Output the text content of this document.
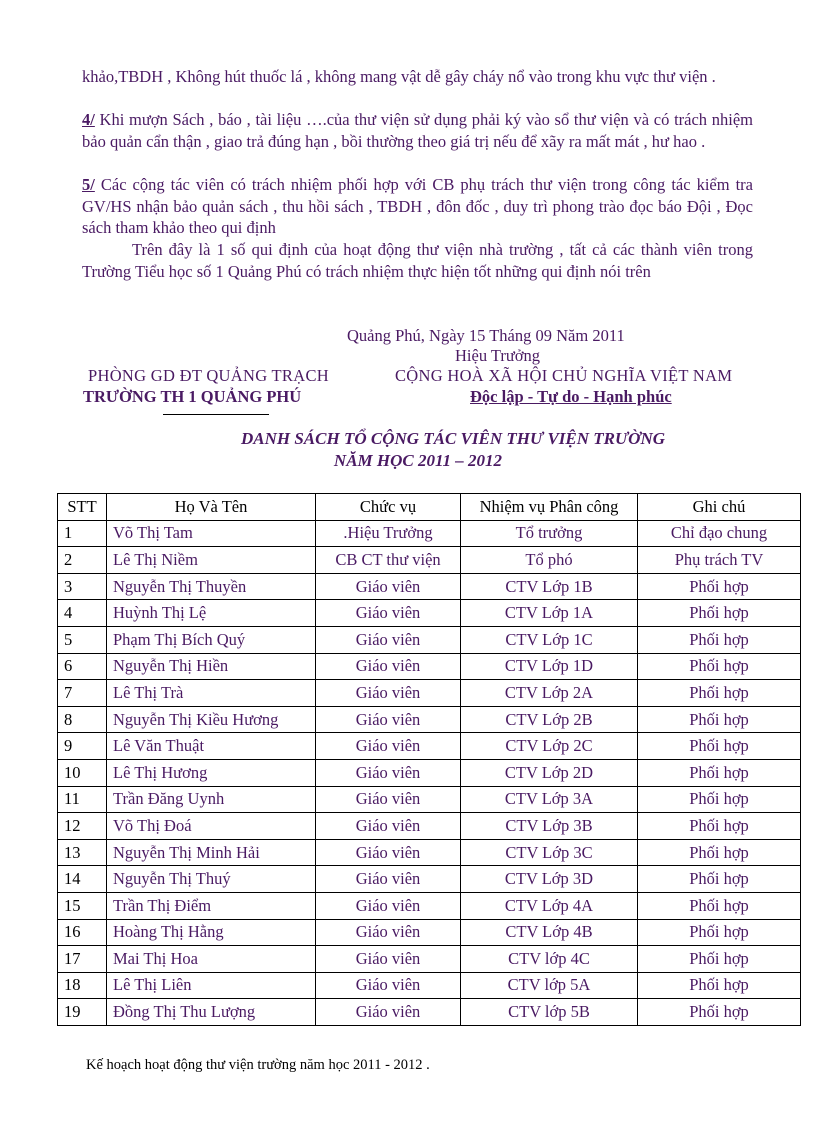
khảo,TBDH , Không hút thuốc lá , không mang vật dễ gây cháy nổ vào trong khu vực thư viện .
4/ Khi mượn Sách , báo , tài liệu ….của thư viện sử dụng phải ký vào sổ thư viện và có trách nhiệm bảo quản cẩn thận , giao trả đúng hạn , bồi thường theo giá trị nếu để xãy ra mất mát , hư hao .
5/ Các cộng tác viên có trách nhiệm phối hợp với CB phụ trách thư viện trong công tác kiểm tra GV/HS nhận bảo quản sách , thu hồi sách , TBDH , đôn đốc , duy trì phong trào đọc báo Đội , Đọc sách tham khảo theo qui định
Trên đây là 1 số qui định của hoạt động thư viện nhà trường , tất cả các thành viên trong Trường Tiểu học số 1 Quảng Phú có trách nhiệm thực hiện tốt những qui định nói trên
Quảng Phú, Ngày 15 Tháng 09 Năm 2011
Hiệu Trưởng
PHÒNG GD ĐT QUẢNG TRẠCH
TRƯỜNG TH 1 QUẢNG PHÚ
CỘNG HOÀ XÃ HỘI CHỦ NGHĨA VIỆT NAM
Độc lập - Tự do - Hạnh phúc
DANH SÁCH TỔ CỘNG TÁC VIÊN THƯ VIỆN TRƯỜNG
NĂM HỌC 2011 – 2012
STT	Họ Và Tên	Chức vụ	Nhiệm vụ Phân công	Ghi chú
1	Võ Thị Tam	.Hiệu Trưởng	Tổ trưởng	Chỉ đạo chung
2	Lê Thị Niềm	CB CT thư viện	Tổ phó	Phụ trách TV
3	Nguyễn Thị Thuyền	Giáo viên	CTV Lớp 1B	Phối hợp
4	Huỳnh Thị Lệ	Giáo viên	CTV Lớp 1A	Phối hợp
5	Phạm Thị Bích Quý	Giáo viên	CTV Lớp 1C	Phối hợp
6	Nguyễn Thị Hiền	Giáo viên	CTV Lớp 1D	Phối hợp
7	Lê Thị Trà	Giáo viên	CTV Lớp 2A	Phối hợp
8	Nguyễn Thị Kiều Hương	Giáo viên	CTV Lớp 2B	Phối hợp
9	Lê Văn Thuật	Giáo viên	CTV Lớp 2C	Phối hợp
10	Lê Thị Hương	Giáo viên	CTV Lớp 2D	Phối hợp
11	Trần Đăng Uynh	Giáo viên	CTV Lớp 3A	Phối hợp
12	Võ Thị Đoá	Giáo viên	CTV Lớp 3B	Phối hợp
13	Nguyễn Thị Minh Hải	Giáo viên	CTV Lớp 3C	Phối hợp
14	Nguyễn Thị Thuý	Giáo viên	CTV Lớp 3D	Phối hợp
15	Trần Thị Điểm	Giáo viên	CTV Lớp 4A	Phối hợp
16	Hoàng Thị Hằng	Giáo viên	CTV Lớp 4B	Phối hợp
17	Mai Thị Hoa	Giáo viên	CTV lớp 4C	Phối hợp
18	Lê Thị Liên	Giáo viên	CTV lớp 5A	Phối hợp
19	Đồng Thị Thu Lượng	Giáo viên	CTV lớp 5B	Phối hợp
Kế hoạch hoạt động thư viện trường năm học 2011 - 2012 .
